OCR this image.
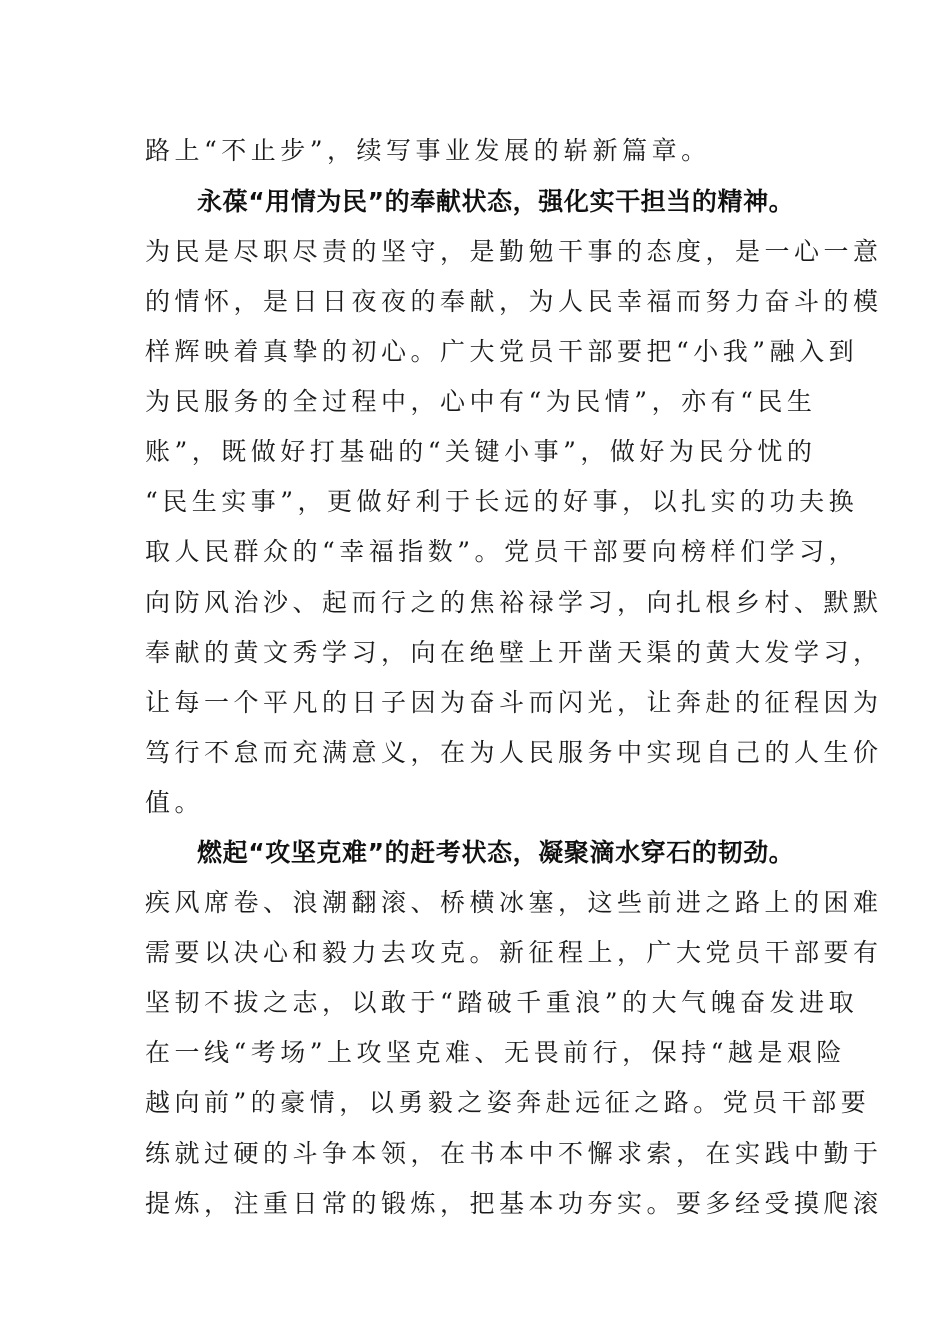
路上“不止步”，续写事业发展的崭新篇章。
永葆“用情为民”的奉献状态，强化实干担当的精神。
为民是尽职尽责的坚守，是勤勉干事的态度，是一心一意
的情怀，是日日夜夜的奉献，为人民幸福而努力奋斗的模
样辉映着真挚的初心。广大党员干部要把“小我”融入到
为民服务的全过程中，心中有“为民情”，亦有“民生
账”，既做好打基础的“关键小事”，做好为民分忧的
“民生实事”，更做好利于长远的好事，以扎实的功夫换
取人民群众的“幸福指数”。党员干部要向榜样们学习，
向防风治沙、起而行之的焦裕禄学习，向扎根乡村、默默
奉献的黄文秀学习，向在绝壁上开凿天渠的黄大发学习，
让每一个平凡的日子因为奋斗而闪光，让奔赴的征程因为
笃行不怠而充满意义，在为人民服务中实现自己的人生价
值。
燃起“攻坚克难”的赶考状态，凝聚滴水穿石的韧劲。
疾风席卷、浪潮翻滚、桥横冰塞，这些前进之路上的困难
需要以决心和毅力去攻克。新征程上，广大党员干部要有
坚韧不拔之志，以敢于“踏破千重浪”的大气魄奋发进取
在一线“考场”上攻坚克难、无畏前行，保持“越是艰险
越向前”的豪情，以勇毅之姿奔赴远征之路。党员干部要
练就过硬的斗争本领，在书本中不懈求索，在实践中勤于
提炼，注重日常的锻炼，把基本功夯实。要多经受摸爬滚
